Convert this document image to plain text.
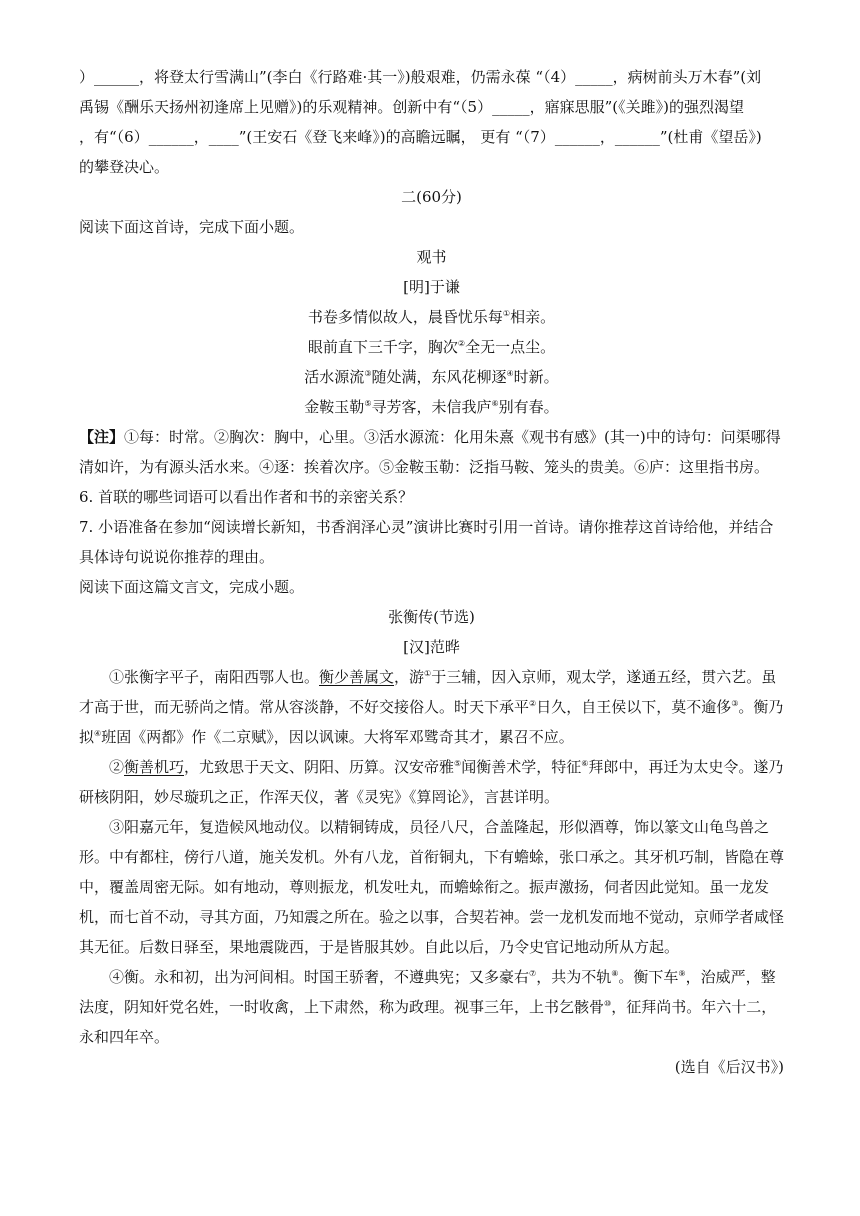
）______，将登太行雪满山”(李白《行路难·其一》)般艰难，仍需永葆 “（4）_____，病树前头万木春”(刘

禹锡《酬乐天扬州初逢席上见赠》)的乐观精神。创新中有“（5）_____，寤寐思服”(《关雎》)的强烈渴望

，有“（6）______，____”(王安石《登飞来峰》)的高瞻远瞩， 更有 “（7）______，______”(杜甫《望岳》)

的攀登决心。

二(60分)

阅读下面这首诗，完成下面小题。

观书

[明]于谦

书卷多情似故人，晨昏忧乐每①相亲。

眼前直下三千字，胸次②全无一点尘。

活水源流③随处满，东风花柳逐④时新。

金鞍玉勒⑤寻芳客，未信我庐⑥别有春。

【注】①每：时常。②胸次：胸中，心里。③活水源流：化用朱熹《观书有感》(其一)中的诗句：问渠哪得清如许，为有源头活水来。④逐：挨着次序。⑤金鞍玉勒：泛指马鞍、笼头的贵美。⑥庐：这里指书房。

6. 首联的哪些词语可以看出作者和书的亲密关系？

7. 小语准备在参加“阅读增长新知，书香润泽心灵”演讲比赛时引用一首诗。请你推荐这首诗给他，并结合具体诗句说说你推荐的理由。

阅读下面这篇文言文，完成小题。

张衡传(节选)

[汉]范晔

①张衡字平子，南阳西鄂人也。衡少善属文，游①于三辅，因入京师，观太学，遂通五经，贯六艺。虽才高于世，而无骄尚之情。常从容淡静，不好交接俗人。时天下承平②日久，自王侯以下，莫不逾侈③。衡乃拟④班固《两都》作《二京赋》，因以讽谏。大将军邓骘奇其才，累召不应。

②衡善机巧，尤致思于天文、阴阳、历算。汉安帝雅⑤闻衡善术学，特征⑥拜郎中，再迁为太史令。遂乃研核阴阳，妙尽璇玑之正，作浑天仪，著《灵宪》《算罔论》，言甚详明。

③阳嘉元年，复造候风地动仪。以精铜铸成，员径八尺，合盖隆起，形似酒尊，饰以篆文山龟鸟兽之形。中有都柱，傍行八道，施关发机。外有八龙，首衔铜丸，下有蟾蜍，张口承之。其牙机巧制，皆隐在尊中，覆盖周密无际。如有地动，尊则振龙，机发吐丸，而蟾蜍衔之。振声激扬，伺者因此觉知。虽一龙发机，而七首不动，寻其方面，乃知震之所在。验之以事，合契若神。尝一龙机发而地不觉动，京师学者咸怪其无征。后数日驿至，果地震陇西，于是皆服其妙。自此以后，乃令史官记地动所从方起。

④衡。永和初，出为河间相。时国王骄奢，不遵典宪；又多豪右⑦，共为不轨⑧。衡下车⑨，治威严，整法度，阴知奸党名姓，一时收禽，上下肃然，称为政理。视事三年，上书乞骸骨⑩，征拜尚书。年六十二，永和四年卒。

(选自《后汉书》)
